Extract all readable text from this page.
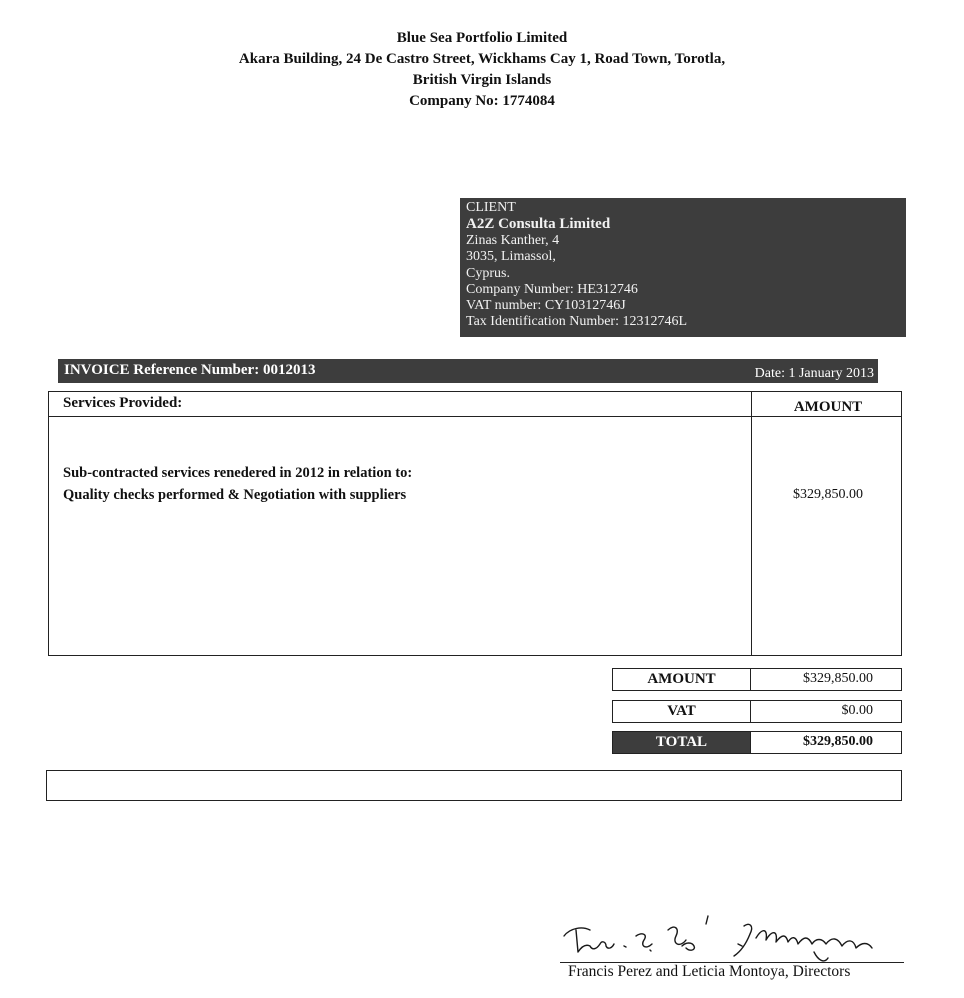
Blue Sea Portfolio Limited
Akara Building, 24 De Castro Street, Wickhams Cay 1, Road Town, Torotla,
British Virgin Islands
Company No: 1774084
CLIENT
A2Z Consulta Limited
Zinas Kanther, 4
3035, Limassol,
Cyprus.
Company Number: HE312746
VAT number: CY10312746J
Tax Identification Number: 12312746L
INVOICE Reference Number: 0012013	Date: 1 January 2013
Services Provided:	AMOUNT
Sub-contracted services renedered in 2012 in relation to:
Quality checks performed & Negotiation with suppliers	$329,850.00
AMOUNT	$329,850.00
VAT	$0.00
TOTAL	$329,850.00
Francis Perez and Leticia Montoya, Directors
